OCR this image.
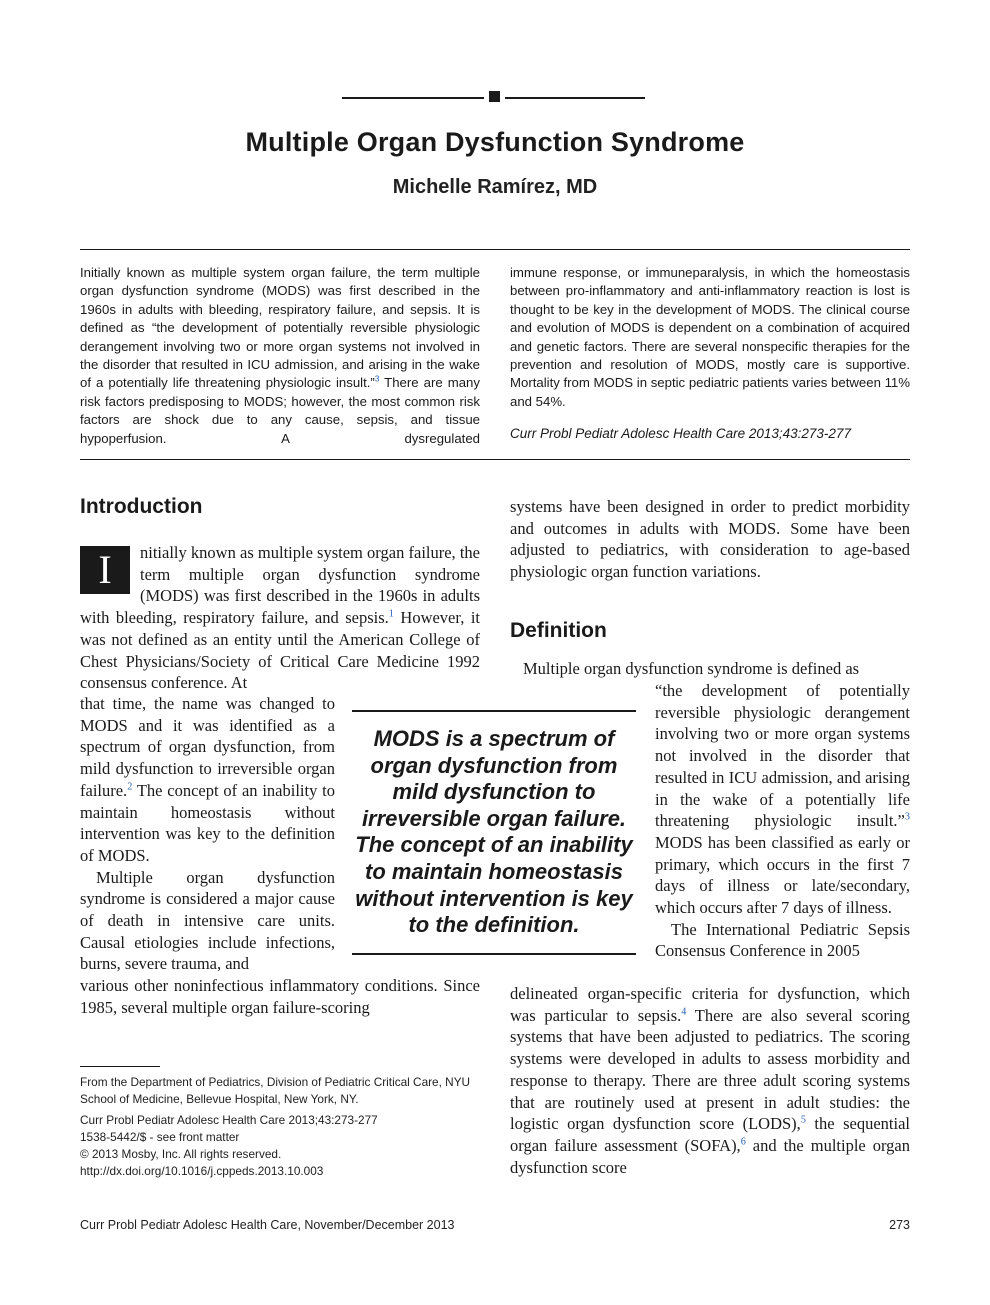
Multiple Organ Dysfunction Syndrome
Michelle Ramírez, MD
Initially known as multiple system organ failure, the term multiple organ dysfunction syndrome (MODS) was first described in the 1960s in adults with bleeding, respiratory failure, and sepsis. It is defined as “the development of potentially reversible physiologic derangement involving two or more organ systems not involved in the disorder that resulted in ICU admission, and arising in the wake of a potentially life threatening physiologic insult.”$^3$ There are many risk factors predisposing to MODS; however, the most common risk factors are shock due to any cause, sepsis, and tissue hypoperfusion. A dysregulated
immune response, or immuneparalysis, in which the homeostasis between pro-inflammatory and anti-inflammatory reaction is lost is thought to be key in the development of MODS. The clinical course and evolution of MODS is dependent on a combination of acquired and genetic factors. There are several nonspecific therapies for the prevention and resolution of MODS, mostly care is supportive. Mortality from MODS in septic pediatric patients varies between 11% and 54%.
Curr Probl Pediatr Adolesc Health Care 2013;43:273-277
Introduction
I	nitially known as multiple system organ failure, the term multiple organ dysfunction syndrome (MODS) was first described in the 1960s in adults with bleeding, respiratory failure, and sepsis.$^1$ However, it was not defined as an entity until the American College of Chest Physicians/Society of Critical Care Medicine 1992 consensus conference. At

that time, the name was changed to MODS and it was identified as a spectrum of organ dysfunction, from mild dysfunction to irreversible organ failure.$^2$ The concept of an inability to maintain homeostasis without intervention was key to the definition of MODS.

Multiple organ dysfunction syndrome is considered a major cause of death in intensive care units. Causal etiologies include infections, burns, severe trauma, and

various other noninfectious inflammatory conditions. Since 1985, several multiple organ failure-scoring
MODS is a spectrum of organ dysfunction from mild dysfunction to irreversible organ failure. The concept of an inability to maintain homeostasis without intervention is key to the definition.
From the Department of Pediatrics, Division of Pediatric Critical Care, NYU School of Medicine, Bellevue Hospital, New York, NY.
Curr Probl Pediatr Adolesc Health Care 2013;43:273-277
1538-5442/$ - see front matter
© 2013 Mosby, Inc. All rights reserved.
http://dx.doi.org/10.1016/j.cppeds.2013.10.003
systems have been designed in order to predict morbidity and outcomes in adults with MODS. Some have been adjusted to pediatrics, with consideration to age-based physiologic organ function variations.
Definition
Multiple organ dysfunction syndrome is defined as

“the development of potentially reversible physiologic derangement involving two or more organ systems not involved in the disorder that resulted in ICU admission, and arising in the wake of a potentially life threatening physiologic insult.”$^3$ MODS has been classified as early or primary, which occurs in the first 7 days of illness or late/secondary, which occurs after 7 days of illness.

The International Pediatric Sepsis Consensus Conference in 2005

delineated organ-specific criteria for dysfunction, which was particular to sepsis.$^4$ There are also several scoring systems that have been adjusted to pediatrics. The scoring systems were developed in adults to assess morbidity and response to therapy. There are three adult scoring systems that are routinely used at present in adult studies: the logistic organ dysfunction score (LODS),$^5$ the sequential organ failure assessment (SOFA),$^6$ and the multiple organ dysfunction score
Curr Probl Pediatr Adolesc Health Care, November/December 2013	273
